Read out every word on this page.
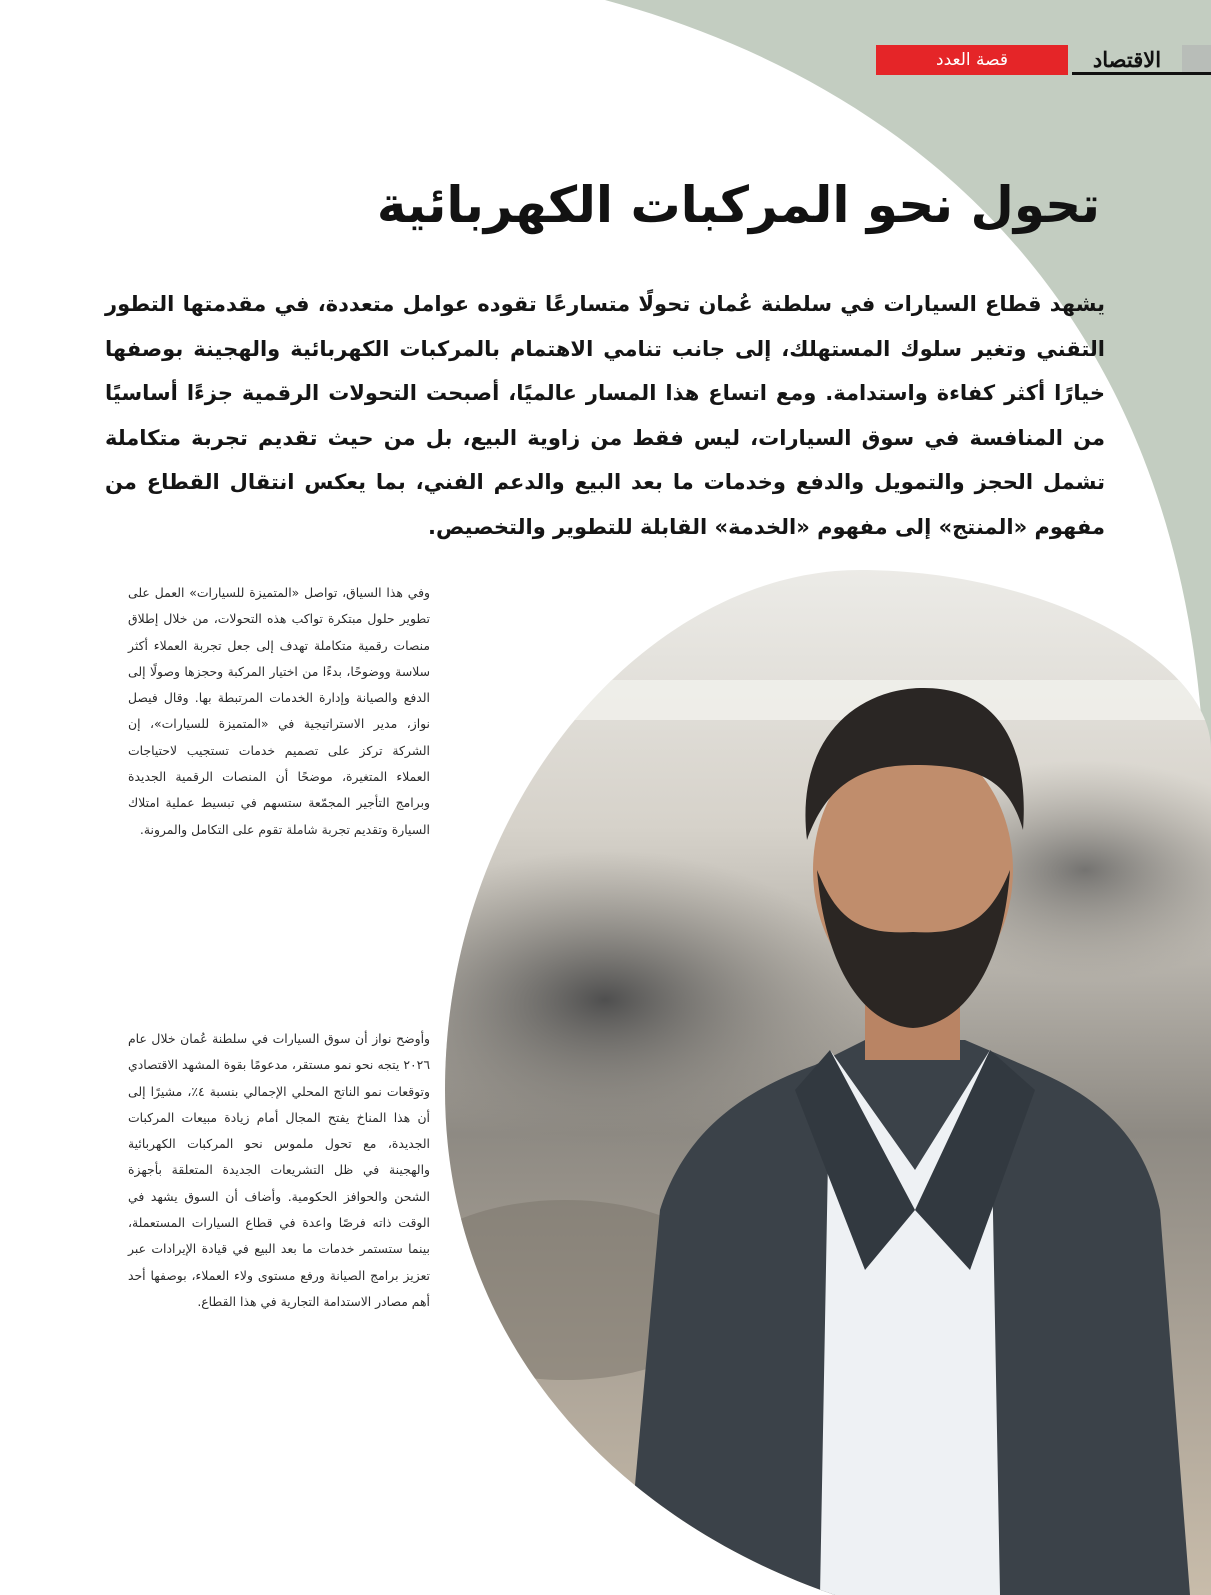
قصة العدد	الاقتصاد
تحول نحو المركبات الكهربائية

يشهد قطاع السيارات في سلطنة عُمان تحولًا متسارعًا تقوده عوامل متعددة، في مقدمتها التطور التقني وتغير سلوك المستهلك، إلى جانب تنامي الاهتمام بالمركبات الكهربائية والهجينة بوصفها خيارًا أكثر كفاءة واستدامة. ومع اتساع هذا المسار عالميًا، أصبحت التحولات الرقمية جزءًا أساسيًا من المنافسة في سوق السيارات، ليس فقط من زاوية البيع، بل من حيث تقديم تجربة متكاملة تشمل الحجز والتمويل والدفع وخدمات ما بعد البيع والدعم الفني، بما يعكس انتقال القطاع من مفهوم «المنتج» إلى مفهوم «الخدمة» القابلة للتطوير والتخصيص.

وفي هذا السياق، تواصل «المتميزة للسيارات» العمل على تطوير حلول مبتكرة تواكب هذه التحولات، من خلال إطلاق منصات رقمية متكاملة تهدف إلى جعل تجربة العملاء أكثر سلاسة ووضوحًا، بدءًا من اختيار المركبة وحجزها وصولًا إلى الدفع والصيانة وإدارة الخدمات المرتبطة بها. وقال فيصل نواز، مدير الاستراتيجية في «المتميزة للسيارات»، إن الشركة تركز على تصميم خدمات تستجيب لاحتياجات العملاء المتغيرة، موضحًا أن المنصات الرقمية الجديدة وبرامج التأجير المجمّعة ستسهم في تبسيط عملية امتلاك السيارة وتقديم تجربة شاملة تقوم على التكامل والمرونة.

وأوضح نواز أن سوق السيارات في سلطنة عُمان خلال عام ٢٠٢٦ يتجه نحو نمو مستقر، مدعومًا بقوة المشهد الاقتصادي وتوقعات نمو الناتج المحلي الإجمالي بنسبة ٤٪، مشيرًا إلى أن هذا المناخ يفتح المجال أمام زيادة مبيعات المركبات الجديدة، مع تحول ملموس نحو المركبات الكهربائية والهجينة في ظل التشريعات الجديدة المتعلقة بأجهزة الشحن والحوافز الحكومية. وأضاف أن السوق يشهد في الوقت ذاته فرصًا واعدة في قطاع السيارات المستعملة، بينما ستستمر خدمات ما بعد البيع في قيادة الإيرادات عبر تعزيز برامج الصيانة ورفع مستوى ولاء العملاء، بوصفها أحد أهم مصادر الاستدامة التجارية في هذا القطاع.
